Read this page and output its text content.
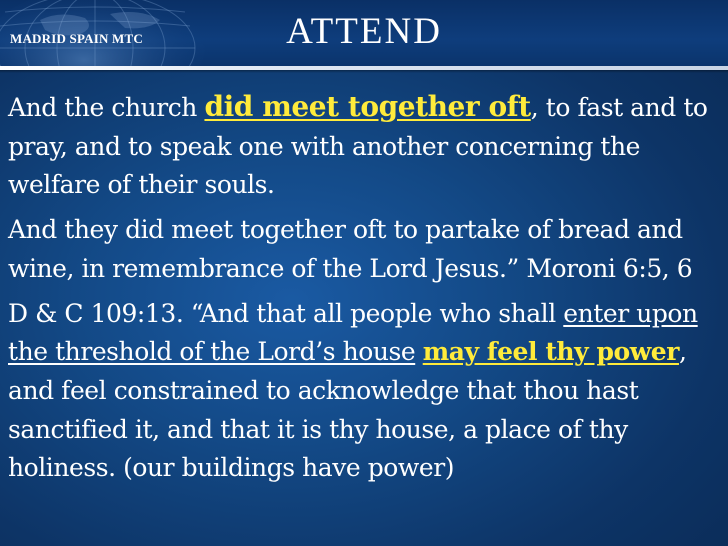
MADRID SPAIN MTC	ATTEND

And the church did meet together oft, to fast and to pray, and to speak one with another concerning the welfare of their souls.

And they did meet together oft to partake of bread and wine, in remembrance of the Lord Jesus.” Moroni 6:5, 6

D & C 109:13. “And that all people who shall enter upon the threshold of the Lord’s house may feel thy power, and feel constrained to acknowledge that thou hast sanctified it, and that it is thy house, a place of thy holiness. (our buildings have power)
